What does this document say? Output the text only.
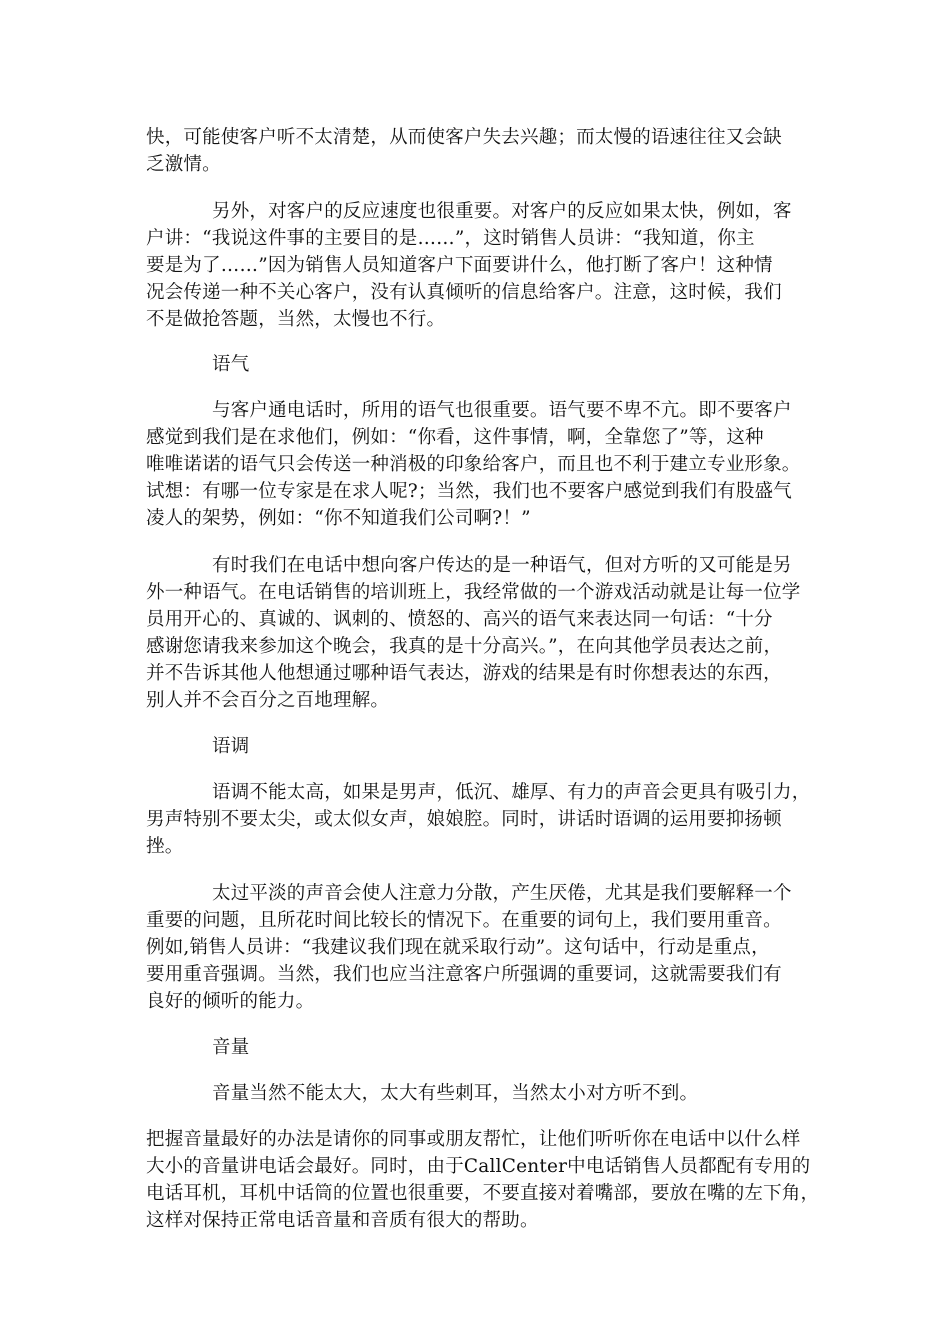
快，可能使客户听不太清楚，从而使客户失去兴趣；而太慢的语速往往又会缺
乏激情。
另外，对客户的反应速度也很重要。对客户的反应如果太快，例如，客
户讲：“我说这件事的主要目的是……”，这时销售人员讲：“我知道，你主
要是为了……”因为销售人员知道客户下面要讲什么，他打断了客户！这种情
况会传递一种不关心客户，没有认真倾听的信息给客户。注意，这时候，我们
不是做抢答题，当然，太慢也不行。
语气
与客户通电话时，所用的语气也很重要。语气要不卑不亢。即不要客户
感觉到我们是在求他们，例如：“你看，这件事情，啊，全靠您了”等，这种
唯唯诺诺的语气只会传送一种消极的印象给客户，而且也不利于建立专业形象。
试想：有哪一位专家是在求人呢?；当然，我们也不要客户感觉到我们有股盛气
凌人的架势，例如：“你不知道我们公司啊?！”
有时我们在电话中想向客户传达的是一种语气，但对方听的又可能是另
外一种语气。在电话销售的培训班上，我经常做的一个游戏活动就是让每一位学
员用开心的、真诚的、讽刺的、愤怒的、高兴的语气来表达同一句话：“十分
感谢您请我来参加这个晚会，我真的是十分高兴。”，在向其他学员表达之前，
并不告诉其他人他想通过哪种语气表达，游戏的结果是有时你想表达的东西，
别人并不会百分之百地理解。
语调
语调不能太高，如果是男声，低沉、雄厚、有力的声音会更具有吸引力，
男声特别不要太尖，或太似女声，娘娘腔。同时，讲话时语调的运用要抑扬顿
挫。
太过平淡的声音会使人注意力分散，产生厌倦，尤其是我们要解释一个
重要的问题，且所花时间比较长的情况下。在重要的词句上，我们要用重音。
例如,销售人员讲：“我建议我们现在就采取行动”。这句话中，行动是重点，
要用重音强调。当然，我们也应当注意客户所强调的重要词，这就需要我们有
良好的倾听的能力。
音量
音量当然不能太大，太大有些刺耳，当然太小对方听不到。
把握音量最好的办法是请你的同事或朋友帮忙，让他们听听你在电话中以什么样
大小的音量讲电话会最好。同时，由于CallCenter中电话销售人员都配有专用的
电话耳机，耳机中话筒的位置也很重要，不要直接对着嘴部，要放在嘴的左下角，
这样对保持正常电话音量和音质有很大的帮助。
